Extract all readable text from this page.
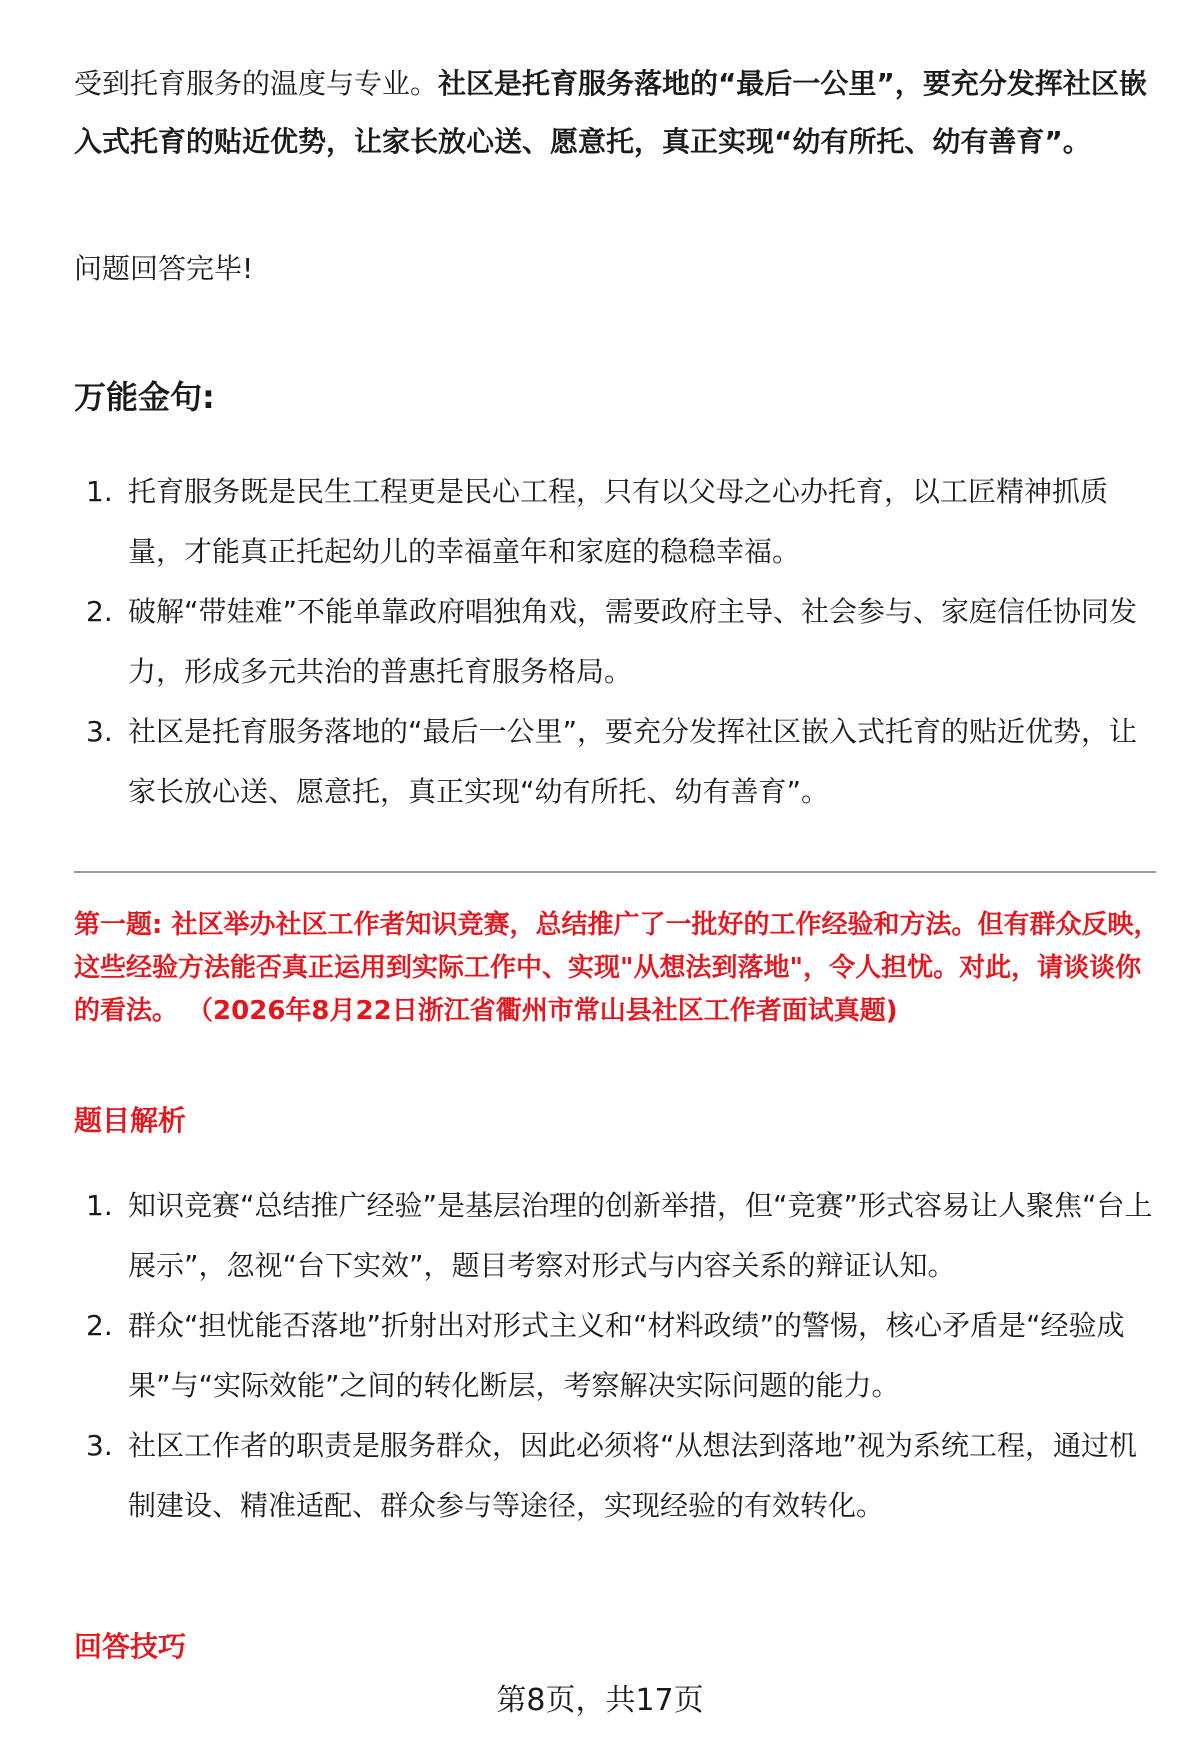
受到托育服务的温度与专业。社区是托育服务落地的“最后一公里”，要充分发挥社区嵌入式托育的贴近优势，让家长放心送、愿意托，真正实现“幼有所托、幼有善育”。

问题回答完毕!

万能金句:
1. 托育服务既是民生工程更是民心工程，只有以父母之心办托育，以工匠精神抓质量，才能真正托起幼儿的幸福童年和家庭的稳稳幸福。
2. 破解“带娃难”不能单靠政府唱独角戏，需要政府主导、社会参与、家庭信任协同发力，形成多元共治的普惠托育服务格局。
3. 社区是托育服务落地的“最后一公里”，要充分发挥社区嵌入式托育的贴近优势，让家长放心送、愿意托，真正实现“幼有所托、幼有善育”。

第一题: 社区举办社区工作者知识竞赛，总结推广了一批好的工作经验和方法。但有群众反映，这些经验方法能否真正运用到实际工作中、实现"从想法到落地"，令人担忧。对此，请谈谈你的看法。 （2026年8月22日浙江省衢州市常山县社区工作者面试真题)

题目解析
1. 知识竞赛“总结推广经验”是基层治理的创新举措，但“竞赛”形式容易让人聚焦“台上展示”，忽视“台下实效”，题目考察对形式与内容关系的辩证认知。
2. 群众“担忧能否落地”折射出对形式主义和“材料政绩”的警惕，核心矛盾是“经验成果”与“实际效能”之间的转化断层，考察解决实际问题的能力。
3. 社区工作者的职责是服务群众，因此必须将“从想法到落地”视为系统工程，通过机制建设、精准适配、群众参与等途径，实现经验的有效转化。
回答技巧
第8页，共17页
